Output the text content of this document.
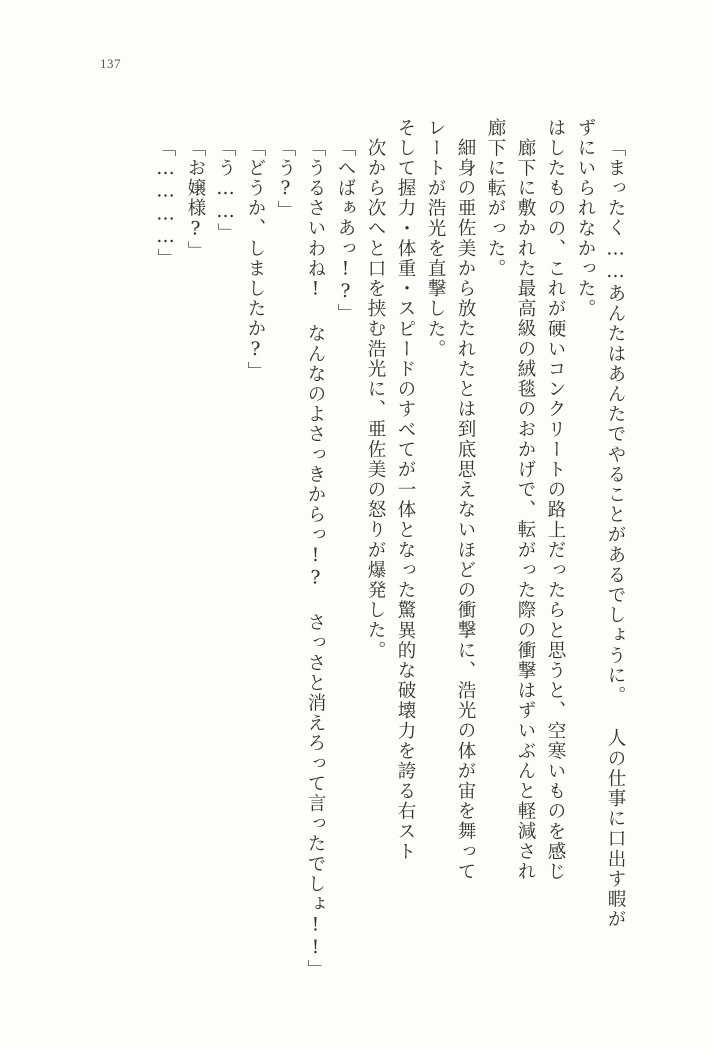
137
「…………」 「お嬢様?」 「う……」 「どうか、しましたか?」 「う?」 「うるさいわね! なんなのよさっきからっ!? さっさと消えろって言ったでしょ!!」 「へばぁあっ!?」 次から次へと口を挟む浩光に、亜佐美の怒りが爆発した。 そして握力・体重・スピードのすべてが一体となった驚異的な破壊力を誇る右スト レートが浩光を直撃した。 細身の亜佐美から放たれたとは到底思えないほどの衝撃に、浩光の体が宙を舞って 廊下に転がった。 廊下に敷かれた最高級の絨毯のおかげで、転がった際の衝撃はずいぶんと軽減され はしたものの、これが硬いコンクリートの路上だったらと思うと、空寒いものを感じ ずにいられなかった。 「まったく……あんたはあんたでやることがあるでしょうに。 人の仕事に口出す暇が
